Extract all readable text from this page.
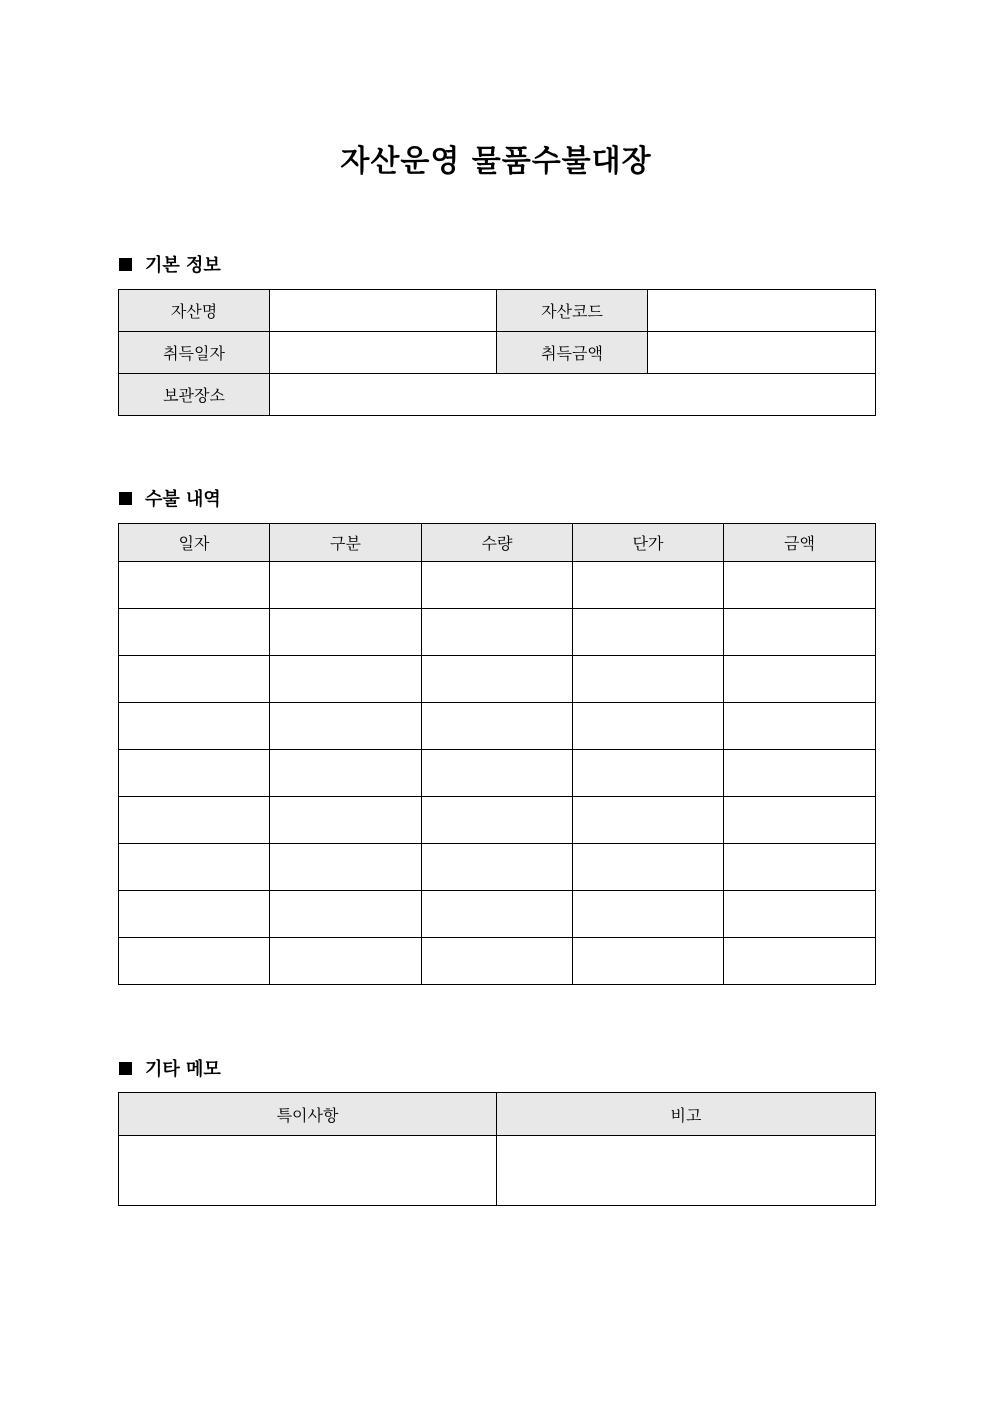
자산운영 물품수불대장
기본 정보
자산명		자산코드	
취득일자		취득금액	
보관장소			
수불 내역
일자	구분	수량	단가	금액

기타 메모
특이사항	비고
